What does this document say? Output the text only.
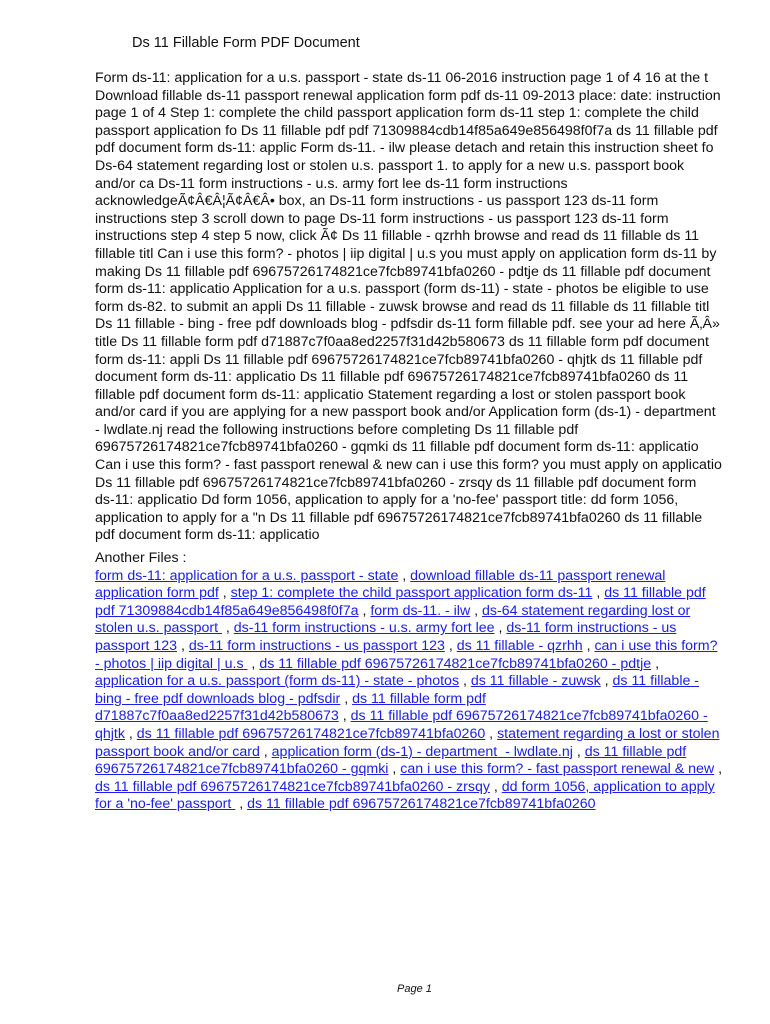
Ds 11 Fillable Form PDF Document
Form ds-11: application for a u.s. passport - state ds-11 06-2016 instruction page 1 of 4 16 at the t
Download fillable ds-11 passport renewal application form pdf ds-11 09-2013 place: date: instruction
page 1 of 4 Step 1: complete the child passport application form ds-11 step 1: complete the child
passport application fo Ds 11 fillable pdf pdf 71309884cdb14f85a649e856498f0f7a ds 11 fillable pdf
pdf document form ds-11: applic Form ds-11. - ilw please detach and retain this instruction sheet fo
Ds-64 statement regarding lost or stolen u.s. passport 1. to apply for a new u.s. passport book
and/or ca Ds-11 form instructions - u.s. army fort lee ds-11 form instructions
acknowledgeÃ¢Â€Â¦Ã¢Â€Â• box, an Ds-11 form instructions - us passport 123 ds-11 form
instructions step 3 scroll down to page Ds-11 form instructions - us passport 123 ds-11 form
instructions step 4 step 5 now, click Ã¢ Ds 11 fillable - qzrhh browse and read ds 11 fillable ds 11
fillable titl Can i use this form? - photos | iip digital | u.s you must apply on application form ds-11 by
making Ds 11 fillable pdf 69675726174821ce7fcb89741bfa0260 - pdtje ds 11 fillable pdf document
form ds-11: applicatio Application for a u.s. passport (form ds-11) - state - photos be eligible to use
form ds-82. to submit an appli Ds 11 fillable - zuwsk browse and read ds 11 fillable ds 11 fillable titl
Ds 11 fillable - bing - free pdf downloads blog - pdfsdir ds-11 form fillable pdf. see your ad here Ã‚Â»
title Ds 11 fillable form pdf d71887c7f0aa8ed2257f31d42b580673 ds 11 fillable form pdf document
form ds-11: appli Ds 11 fillable pdf 69675726174821ce7fcb89741bfa0260 - qhjtk ds 11 fillable pdf
document form ds-11: applicatio Ds 11 fillable pdf 69675726174821ce7fcb89741bfa0260 ds 11
fillable pdf document form ds-11: applicatio Statement regarding a lost or stolen passport book
and/or card if you are applying for a new passport book and/or Application form (ds-1) - department
- lwdlate.nj read the following instructions before completing Ds 11 fillable pdf
69675726174821ce7fcb89741bfa0260 - gqmki ds 11 fillable pdf document form ds-11: applicatio
Can i use this form? - fast passport renewal & new can i use this form? you must apply on applicatio
Ds 11 fillable pdf 69675726174821ce7fcb89741bfa0260 - zrsqy ds 11 fillable pdf document form
ds-11: applicatio Dd form 1056, application to apply for a 'no-fee' passport title: dd form 1056,
application to apply for a "n Ds 11 fillable pdf 69675726174821ce7fcb89741bfa0260 ds 11 fillable
pdf document form ds-11: applicatio
Another Files :
form ds-11: application for a u.s. passport - state , download fillable ds-11 passport renewal
application form pdf , step 1: complete the child passport application form ds-11 , ds 11 fillable pdf
pdf 71309884cdb14f85a649e856498f0f7a , form ds-11. - ilw , ds-64 statement regarding lost or
stolen u.s. passport  , ds-11 form instructions - u.s. army fort lee , ds-11 form instructions - us
passport 123 , ds-11 form instructions - us passport 123 , ds 11 fillable - qzrhh , can i use this form?
- photos | iip digital | u.s  , ds 11 fillable pdf 69675726174821ce7fcb89741bfa0260 - pdtje ,
application for a u.s. passport (form ds-11) - state - photos , ds 11 fillable - zuwsk , ds 11 fillable -
bing - free pdf downloads blog - pdfsdir , ds 11 fillable form pdf
d71887c7f0aa8ed2257f31d42b580673 , ds 11 fillable pdf 69675726174821ce7fcb89741bfa0260 -
qhjtk , ds 11 fillable pdf 69675726174821ce7fcb89741bfa0260 , statement regarding a lost or stolen
passport book and/or card , application form (ds-1) - department  - lwdlate.nj , ds 11 fillable pdf
69675726174821ce7fcb89741bfa0260 - gqmki , can i use this form? - fast passport renewal & new ,
ds 11 fillable pdf 69675726174821ce7fcb89741bfa0260 - zrsqy , dd form 1056, application to apply
for a 'no-fee' passport  , ds 11 fillable pdf 69675726174821ce7fcb89741bfa0260
Page 1
